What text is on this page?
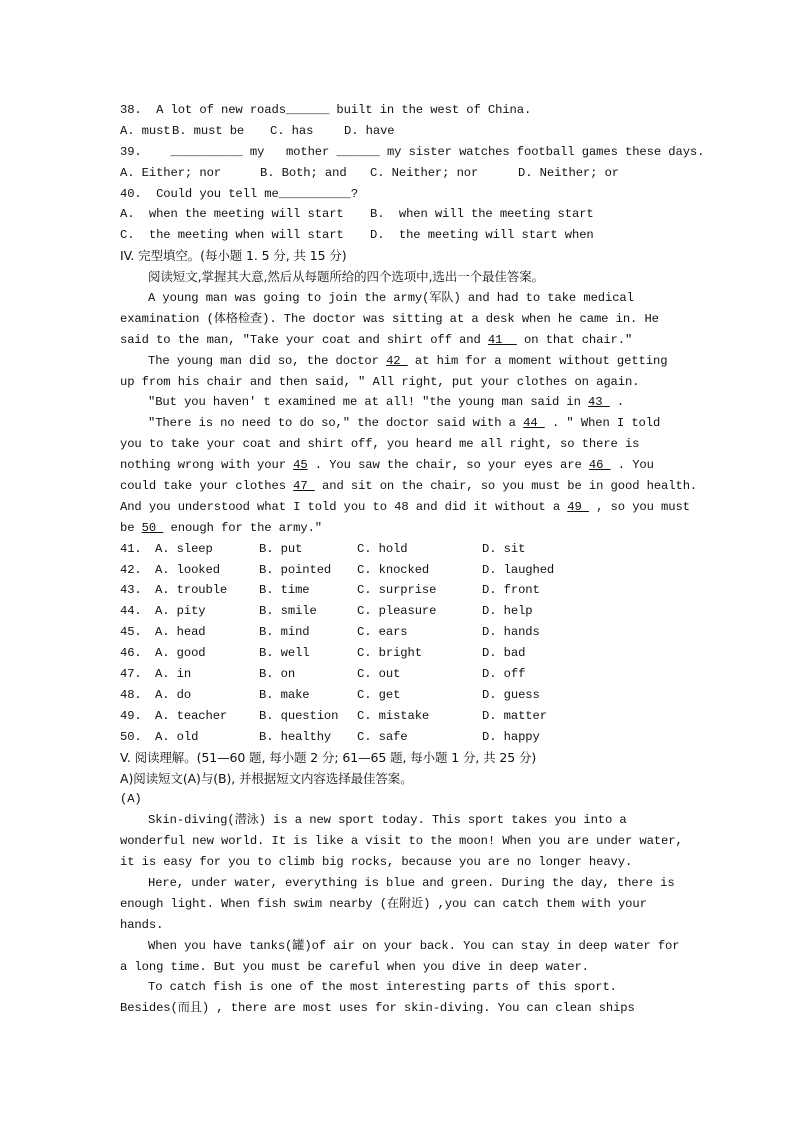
38.  A lot of new roads______ built in the west of China.
A. must B. must be	C. has	D. have
39. __________ my   mother ______ my sister watches football games these days.
A. Either; nor	B. Both; and	C. Neither; nor	D. Neither; or
40.  Could you tell me__________?
A.  when the meeting will start	B.  when will the meeting start
C.  the meeting when will start	D.  the meeting will start when
IV. 完型填空。(每小题 1. 5 分, 共 15 分)
阅读短文,掌握其大意,然后从每题所给的四个选项中,选出一个最佳答案。
A young man was going to join the army(军队) and had to take medical
examination (体格检查). The doctor was sitting at a desk when he came in. He
said to the man, "Take your coat and shirt off and 41   on that chair."
The young man did so, the doctor 42  at him for a moment without getting
up from his chair and then said, " All right, put your clothes on again.
"But you haven' t examined me at all! "the young man said in 43  .
"There is no need to do so," the doctor said with a 44  . " When I told
you to take your coat and shirt off, you heard me all right, so there is
nothing wrong with your 45 . You saw the chair, so your eyes are 46  . You
could take your clothes 47  and sit on the chair, so you must be in good health.
And you understood what I told you to 48 and did it without a 49  , so you must
be 50  enough for the army."
41.	A. sleep	B. put	C. hold	D. sit
42.	A. looked	B. pointed	C. knocked	D. laughed
43.	A. trouble	B. time	C. surprise	D. front
44.	A. pity	B. smile	C. pleasure	D. help
45.	A. head	B. mind	C. ears	D. hands
46.	A. good	B. well	C. bright	D. bad
47.	A. in	B. on	C. out	D. off
48.	A. do	B. make	C. get	D. guess
49.	A. teacher	B. question	C. mistake	D. matter
50.	A. old	B. healthy	C. safe	D. happy
V. 阅读理解。(51—60 题, 每小题 2 分; 61—65 题, 每小题 1 分, 共 25 分)
A)阅读短文(A)与(B), 并根据短文内容选择最佳答案。
(A)
Skin-diving(潜泳) is a new sport today. This sport takes you into a
wonderful new world. It is like a visit to the moon! When you are under water,
it is easy for you to climb big rocks, because you are no longer heavy.
Here, under water, everything is blue and green. During the day, there is
enough light. When fish swim nearby (在附近) ,you can catch them with your
hands.
When you have tanks(罐)of air on your back. You can stay in deep water for
a long time. But you must be careful when you dive in deep water.
To catch fish is one of the most interesting parts of this sport.
Besides(而且) , there are most uses for skin-diving. You can clean ships
